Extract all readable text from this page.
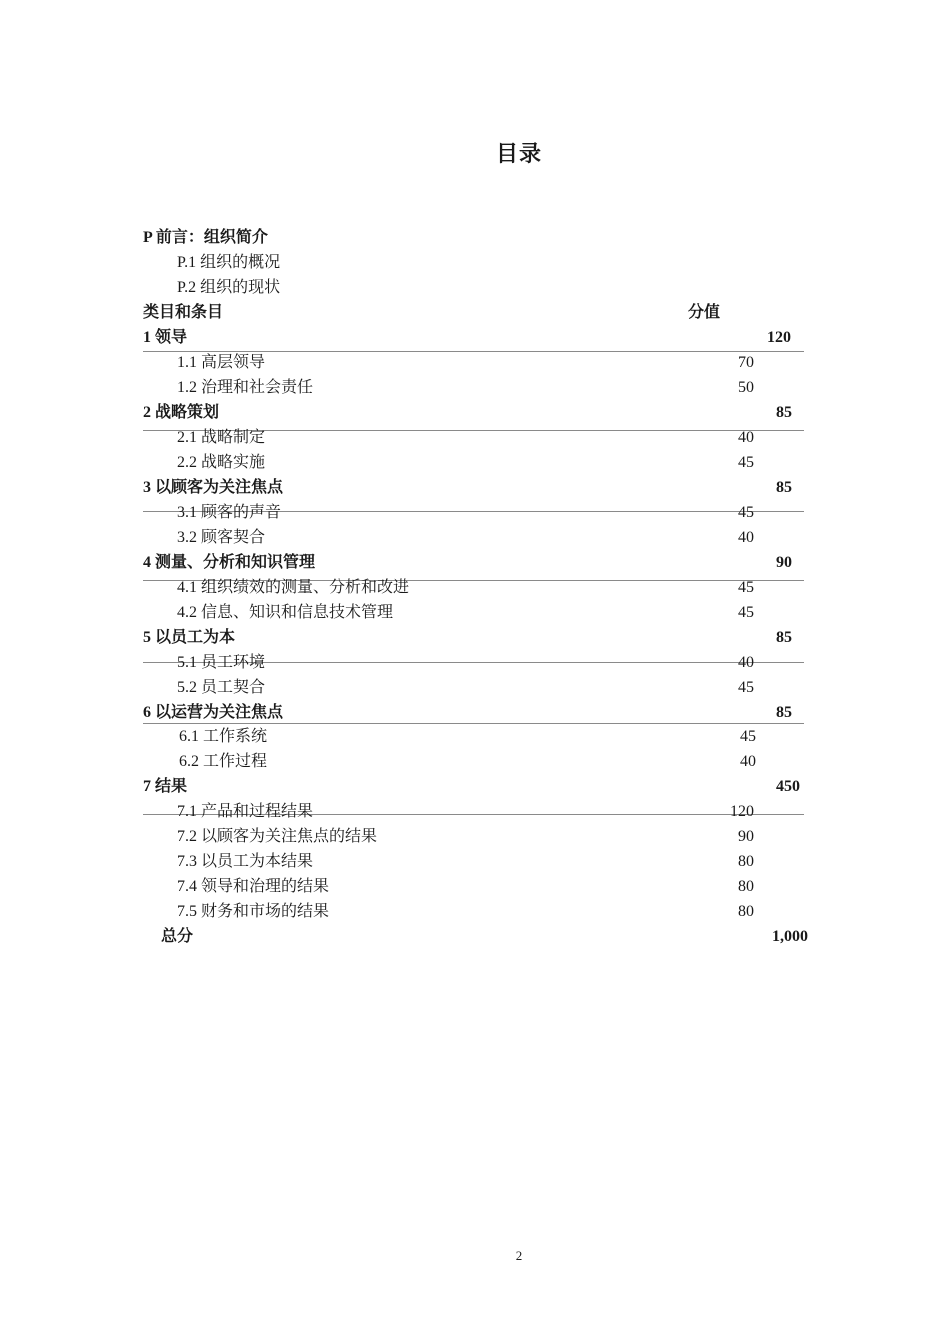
目录
P 前言：组织简介
P.1 组织的概况
P.2 组织的现状
类目和条目	分值
1 领导	120
1.1 高层领导	70
1.2 治理和社会责任	50
2 战略策划	85
2.1 战略制定	40
2.2 战略实施	45
3 以顾客为关注焦点	85
3.1 顾客的声音	45
3.2 顾客契合	40
4 测量、分析和知识管理	90
4.1 组织绩效的测量、分析和改进	45
4.2 信息、知识和信息技术管理	45
5 以员工为本	85
5.1 员工环境	40
5.2 员工契合	45
6 以运营为关注焦点	85
6.1 工作系统	45
6.2 工作过程	40
7 结果	450
7.1 产品和过程结果	120
7.2 以顾客为关注焦点的结果	90
7.3 以员工为本结果	80
7.4 领导和治理的结果	80
7.5 财务和市场的结果	80
总分	1,000
2
